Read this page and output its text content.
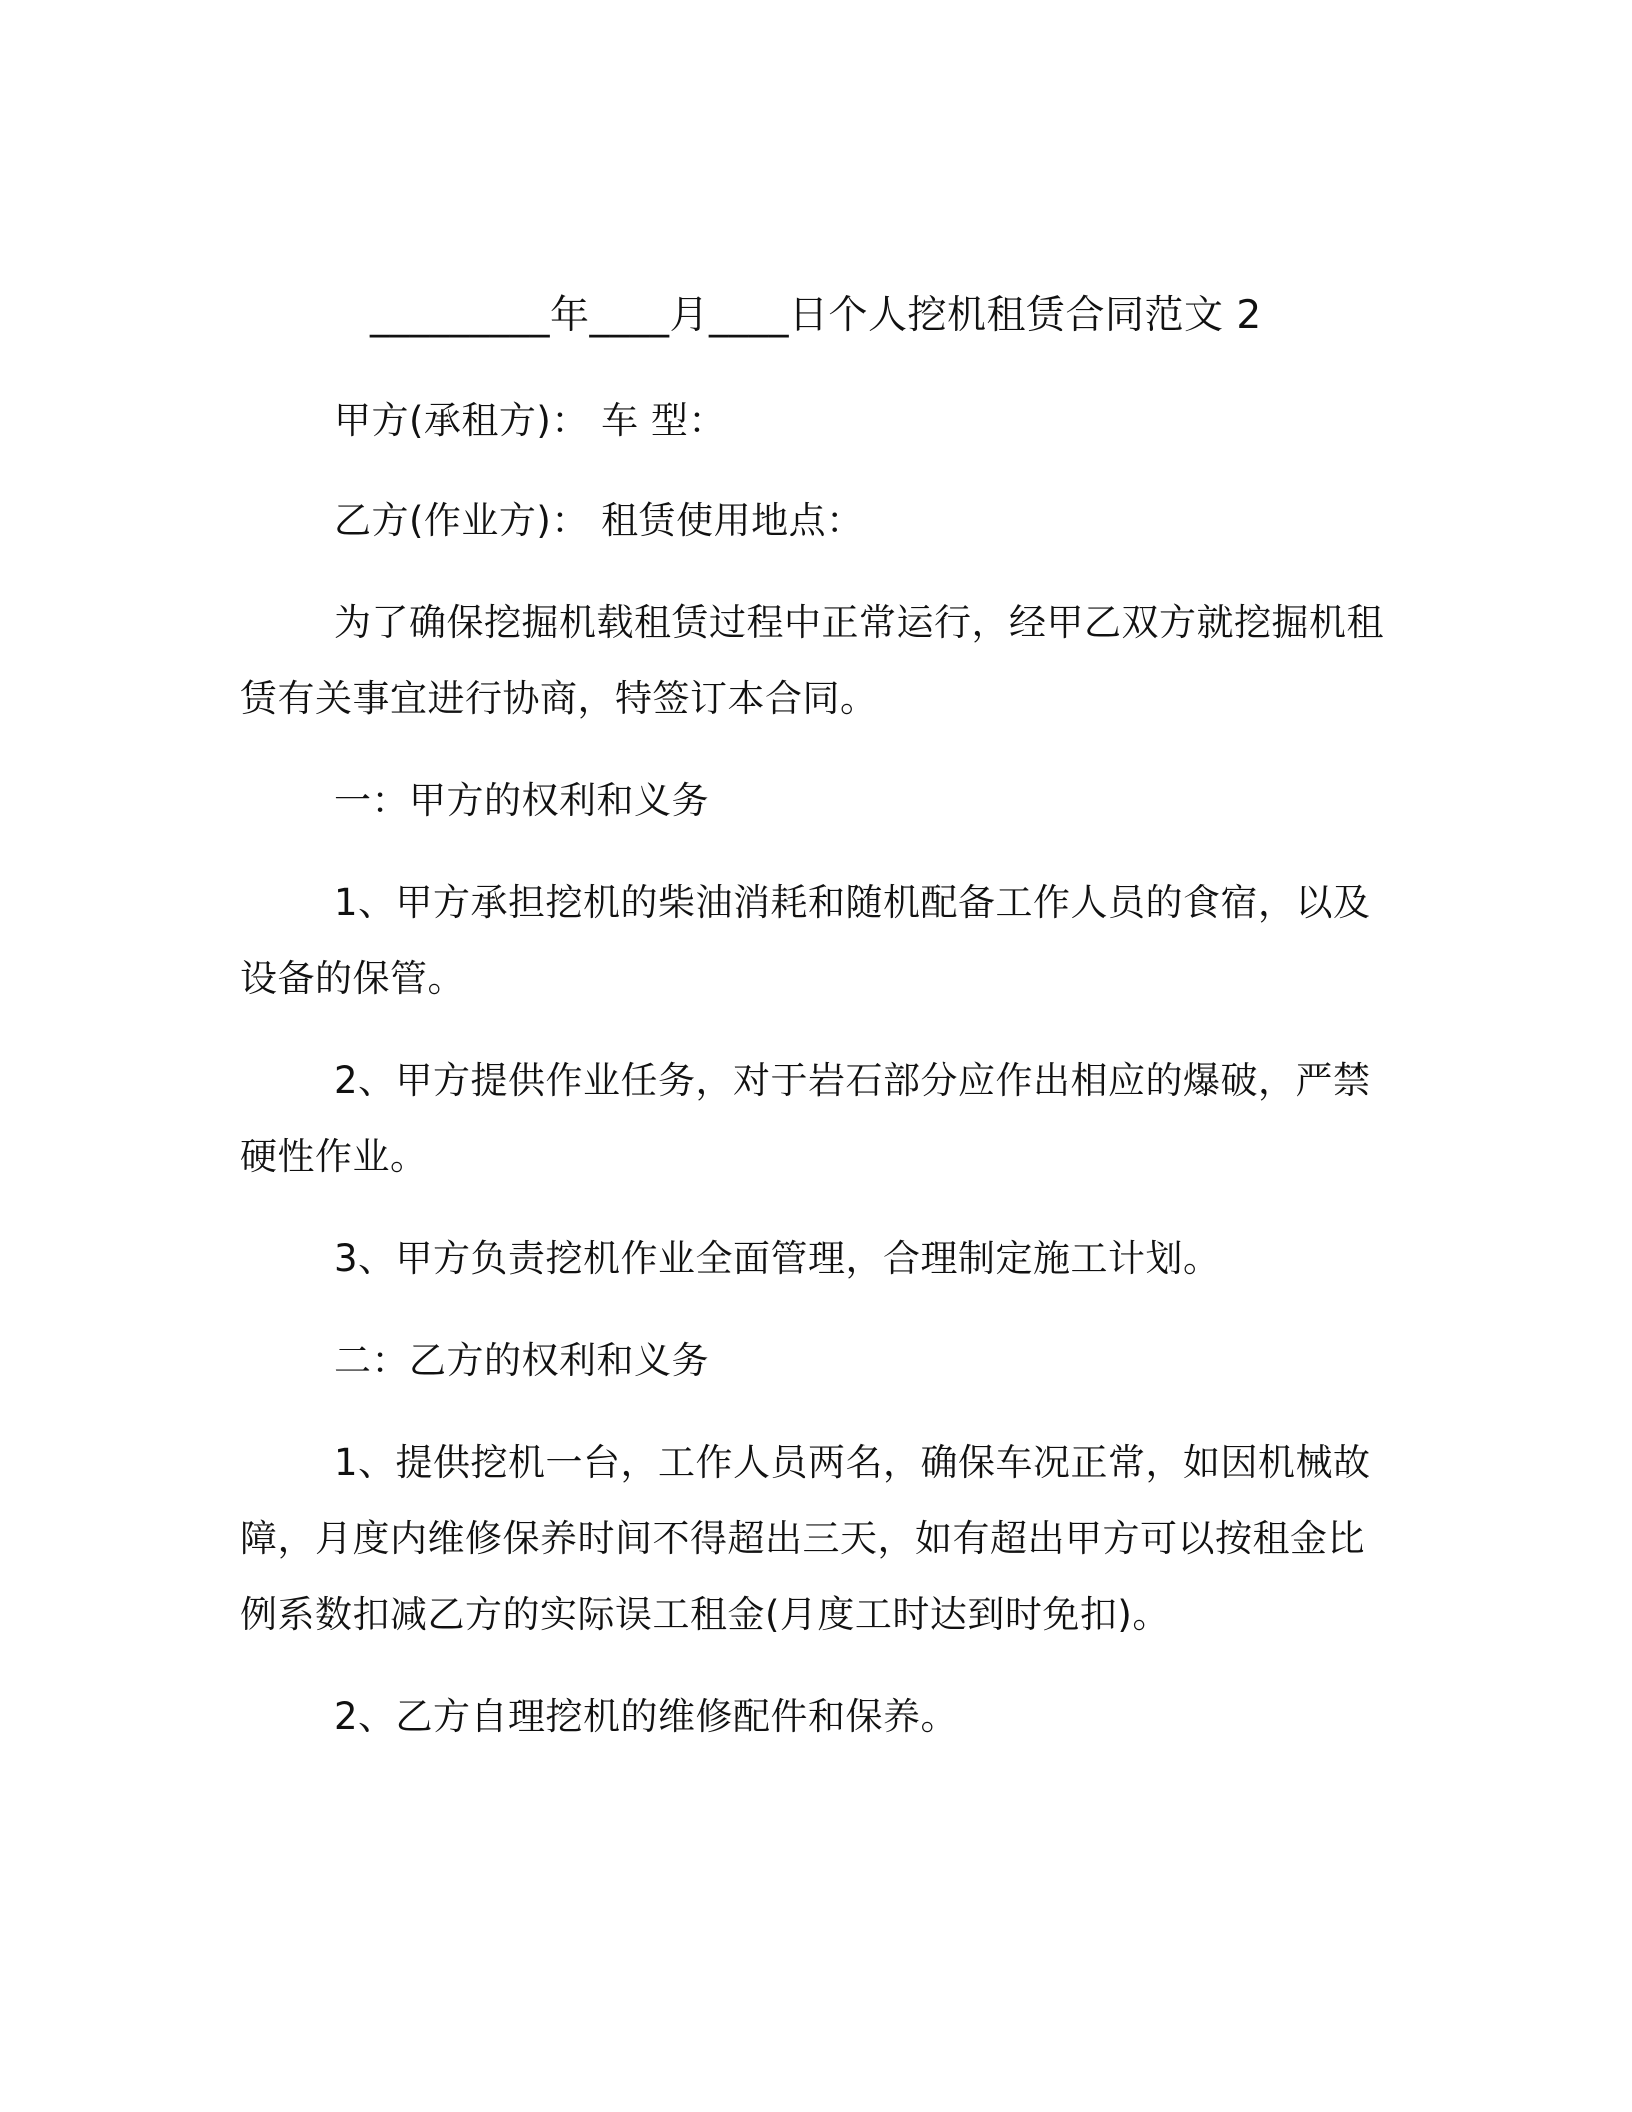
_________年____月____日个人挖机租赁合同范文 2
甲方(承租方)： 车 型：
乙方(作业方)： 租赁使用地点：
为了确保挖掘机载租赁过程中正常运行，经甲乙双方就挖掘机租
赁有关事宜进行协商，特签订本合同。
一：甲方的权利和义务
1、甲方承担挖机的柴油消耗和随机配备工作人员的食宿，以及
设备的保管。
2、甲方提供作业任务，对于岩石部分应作出相应的爆破，严禁
硬性作业。
3、甲方负责挖机作业全面管理，合理制定施工计划。
二：乙方的权利和义务
1、提供挖机一台，工作人员两名，确保车况正常，如因机械故
障，月度内维修保养时间不得超出三天，如有超出甲方可以按租金比
例系数扣减乙方的实际误工租金(月度工时达到时免扣)。
2、乙方自理挖机的维修配件和保养。
